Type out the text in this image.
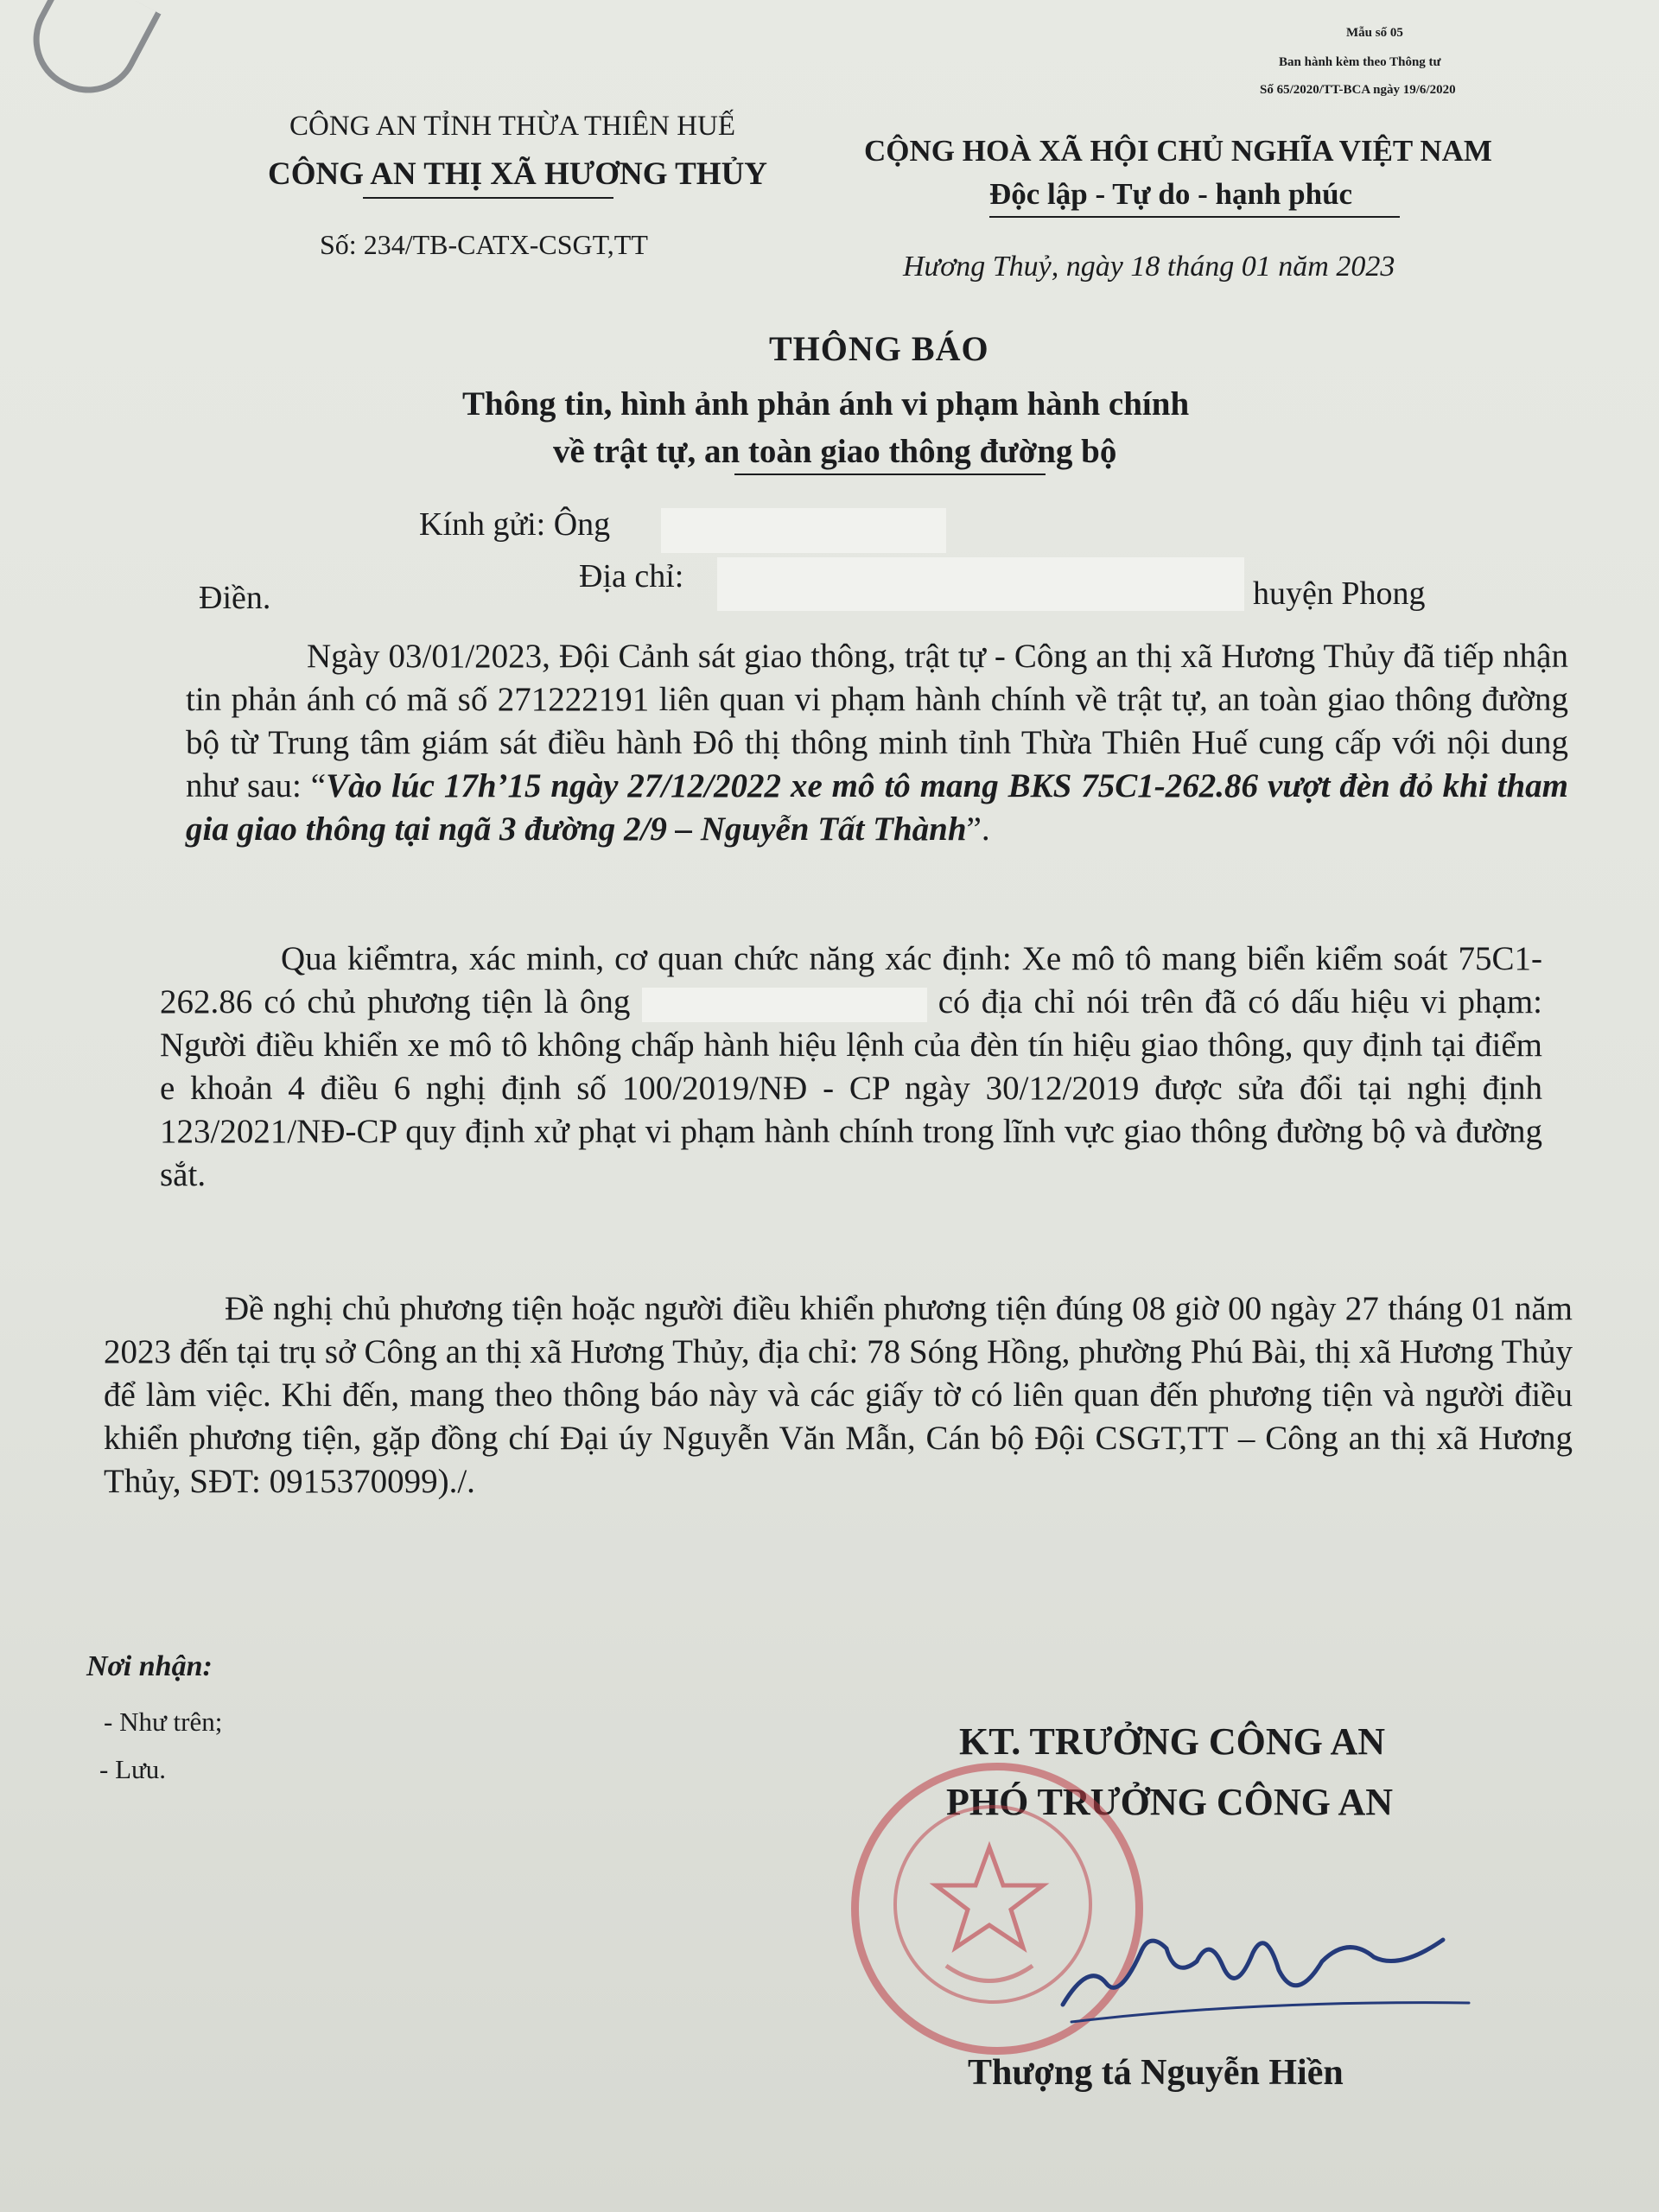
Mẫu số 05
Ban hành kèm theo Thông tư
Số 65/2020/TT-BCA ngày 19/6/2020
CÔNG AN TỈNH THỪA THIÊN HUẾ
CÔNG AN THỊ XÃ HƯƠNG THỦY
Số: 234/TB-CATX-CSGT,TT
CỘNG HOÀ XÃ HỘI CHỦ NGHĨA VIỆT NAM
Độc lập - Tự do - hạnh phúc
Hương Thuỷ, ngày 18 tháng 01 năm 2023
THÔNG BÁO
Thông tin, hình ảnh phản ánh vi phạm hành chính
về trật tự, an toàn giao thông đường bộ
Kính gửi: Ông
Địa chỉ:	huyện Phong
Điền.
Ngày 03/01/2023, Đội Cảnh sát giao thông, trật tự - Công an thị xã Hương Thủy đã tiếp nhận tin phản ánh có mã số 271222191 liên quan vi phạm hành chính về trật tự, an toàn giao thông đường bộ từ Trung tâm giám sát điều hành Đô thị thông minh tỉnh Thừa Thiên Huế cung cấp với nội dung như sau: “Vào lúc 17h’15 ngày 27/12/2022 xe mô tô mang BKS 75C1-262.86 vượt đèn đỏ khi tham gia giao thông tại ngã 3 đường 2/9 – Nguyễn Tất Thành”.
Qua kiểmtra, xác minh, cơ quan chức năng xác định: Xe mô tô mang biển kiểm soát 75C1-262.86 có chủ phương tiện là ông	có địa chỉ nói trên đã có dấu hiệu vi phạm: Người điều khiển xe mô tô không chấp hành hiệu lệnh của đèn tín hiệu giao thông, quy định tại điểm e khoản 4 điều 6 nghị định số 100/2019/NĐ - CP ngày 30/12/2019 được sửa đổi tại nghị định 123/2021/NĐ-CP quy định xử phạt vi phạm hành chính trong lĩnh vực giao thông đường bộ và đường sắt.
Đề nghị chủ phương tiện hoặc người điều khiển phương tiện đúng 08 giờ 00 ngày 27 tháng 01 năm 2023 đến tại trụ sở Công an thị xã Hương Thủy, địa chỉ: 78 Sóng Hồng, phường Phú Bài, thị xã Hương Thủy để làm việc. Khi đến, mang theo thông báo này và các giấy tờ có liên quan đến phương tiện và người điều khiển phương tiện, gặp đồng chí Đại úy Nguyễn Văn Mẫn, Cán bộ Đội CSGT,TT – Công an thị xã Hương Thủy, SĐT: 0915370099)./.
Nơi nhận:
- Như trên;
- Lưu.
KT. TRƯỞNG CÔNG AN
PHÓ TRƯỞNG CÔNG AN
Thượng tá Nguyễn Hiền
